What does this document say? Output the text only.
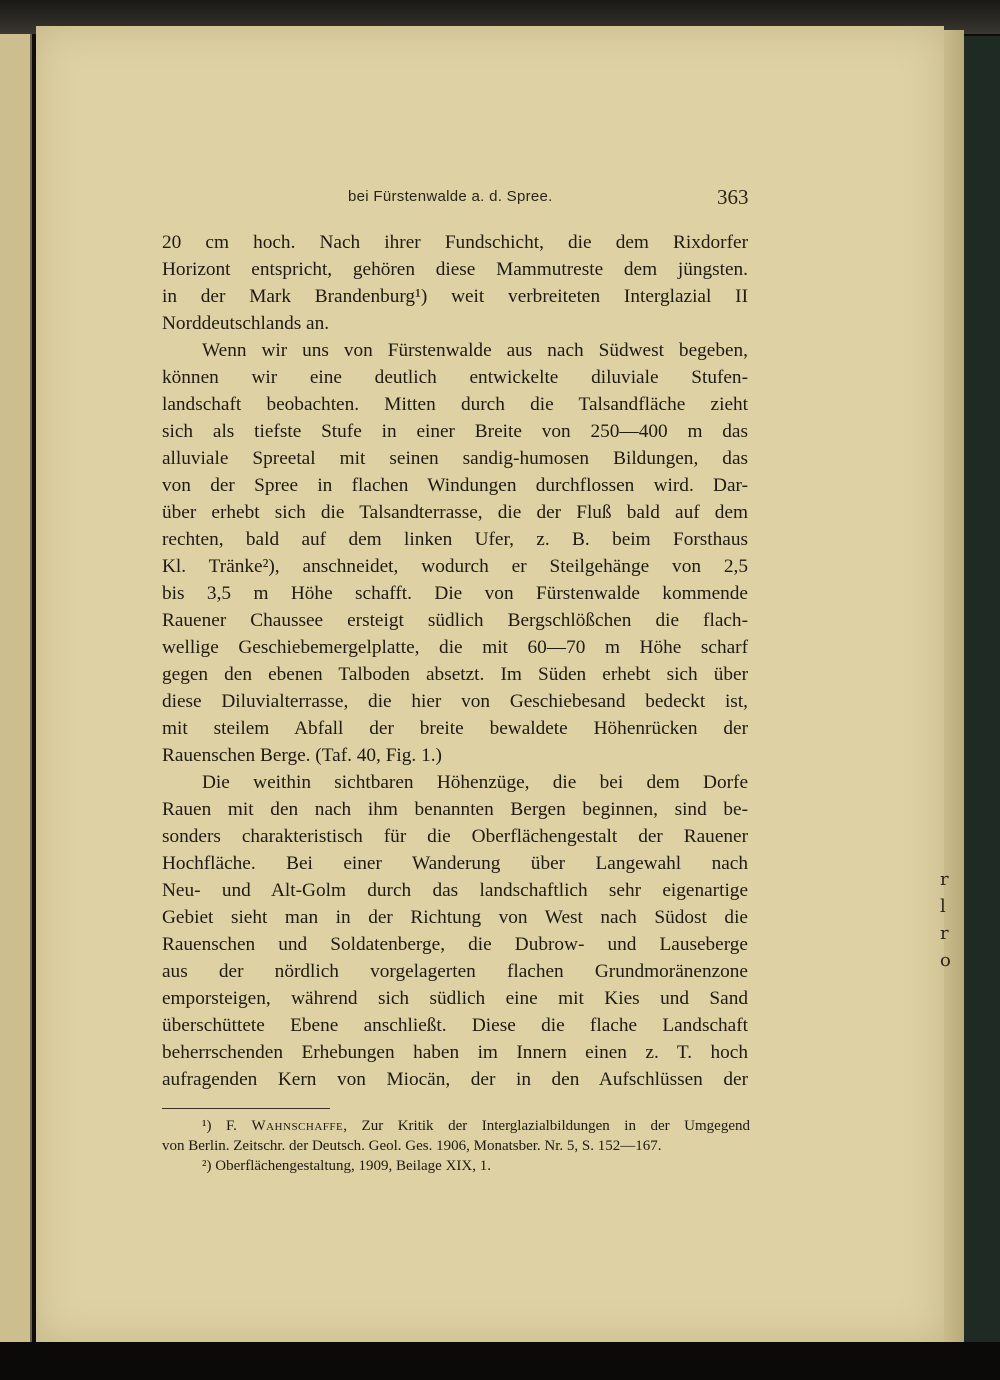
bei Fürstenwalde a. d. Spree.	363
20 cm hoch. Nach ihrer Fundschicht, die dem Rixdorfer
Horizont entspricht, gehören diese Mammutreste dem jüngsten.
in der Mark Brandenburg¹) weit verbreiteten Interglazial II
Norddeutschlands an.
Wenn wir uns von Fürstenwalde aus nach Südwest begeben,
können wir eine deutlich entwickelte diluviale Stufen-
landschaft beobachten. Mitten durch die Talsandfläche zieht
sich als tiefste Stufe in einer Breite von 250—400 m das
alluviale Spreetal mit seinen sandig-humosen Bildungen, das
von der Spree in flachen Windungen durchflossen wird. Dar-
über erhebt sich die Talsandterrasse, die der Fluß bald auf dem
rechten, bald auf dem linken Ufer, z. B. beim Forsthaus
Kl. Tränke²), anschneidet, wodurch er Steilgehänge von 2,5
bis 3,5 m Höhe schafft. Die von Fürstenwalde kommende
Rauener Chaussee ersteigt südlich Bergschlößchen die flach-
wellige Geschiebemergelplatte, die mit 60—70 m Höhe scharf
gegen den ebenen Talboden absetzt. Im Süden erhebt sich über
diese Diluvialterrasse, die hier von Geschiebesand bedeckt ist,
mit steilem Abfall der breite bewaldete Höhenrücken der
Rauenschen Berge. (Taf. 40, Fig. 1.)
Die weithin sichtbaren Höhenzüge, die bei dem Dorfe
Rauen mit den nach ihm benannten Bergen beginnen, sind be-
sonders charakteristisch für die Oberflächengestalt der Rauener
Hochfläche. Bei einer Wanderung über Langewahl nach
Neu- und Alt-Golm durch das landschaftlich sehr eigenartige
Gebiet sieht man in der Richtung von West nach Südost die
Rauenschen und Soldatenberge, die Dubrow- und Lauseberge
aus der nördlich vorgelagerten flachen Grundmoränenzone
emporsteigen, während sich südlich eine mit Kies und Sand
überschüttete Ebene anschließt. Diese die flache Landschaft
beherrschenden Erhebungen haben im Innern einen z. T. hoch
aufragenden Kern von Miocän, der in den Aufschlüssen der
¹) F. Wahnschaffe, Zur Kritik der Interglazialbildungen in der Umgegend
von Berlin. Zeitschr. der Deutsch. Geol. Ges. 1906, Monatsber. Nr. 5, S. 152—167.
²) Oberflächengestaltung, 1909, Beilage XIX, 1.
r
l
r
o
